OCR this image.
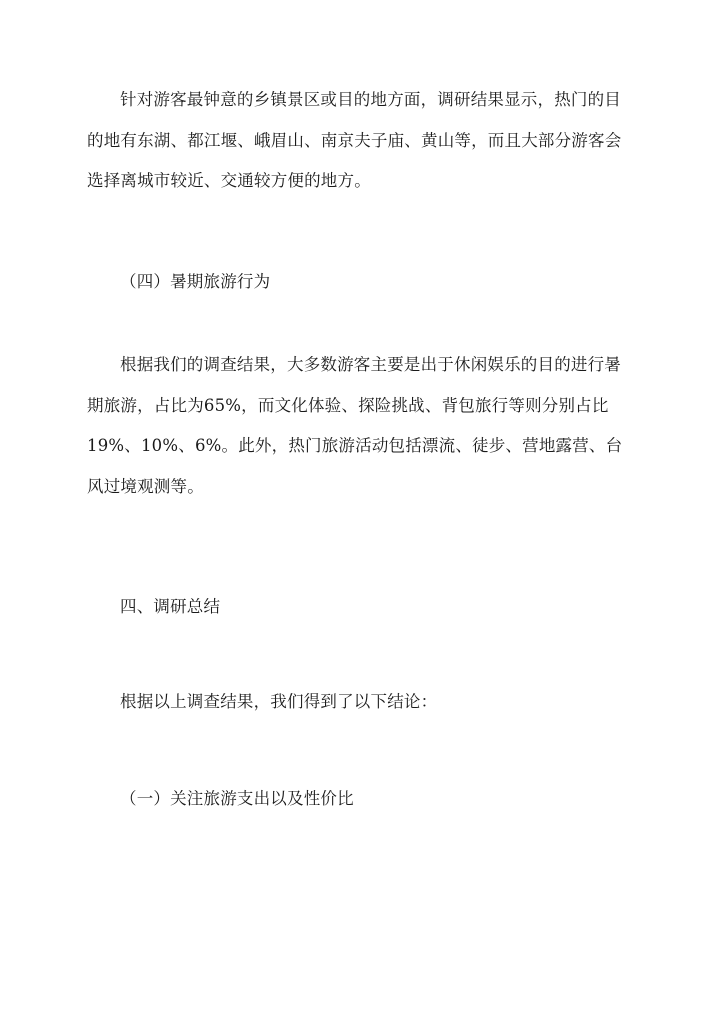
针对游客最钟意的乡镇景区或目的地方面，调研结果显示，热门的目的地有东湖、都江堰、峨眉山、南京夫子庙、黄山等，而且大部分游客会选择离城市较近、交通较方便的地方。

（四）暑期旅游行为

根据我们的调查结果，大多数游客主要是出于休闲娱乐的目的进行暑期旅游，占比为65%，而文化体验、探险挑战、背包旅行等则分别占比19%、10%、6%。此外，热门旅游活动包括漂流、徒步、营地露营、台风过境观测等。

四、调研总结

根据以上调查结果，我们得到了以下结论：

（一）关注旅游支出以及性价比
